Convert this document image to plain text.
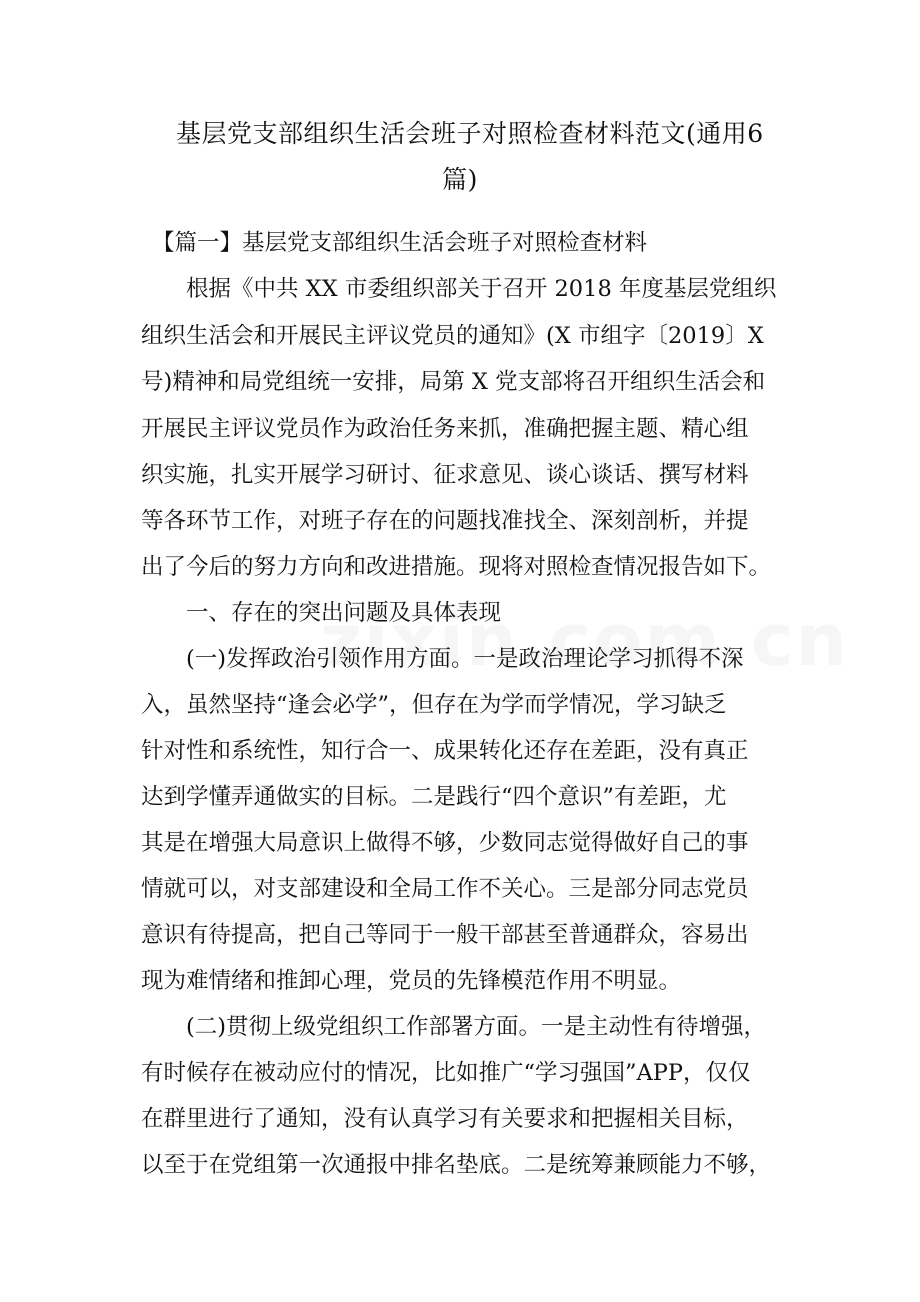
基层党支部组织生活会班子对照检查材料范文(通用6
篇)
【篇一】基层党支部组织生活会班子对照检查材料
根据《中共 XX 市委组织部关于召开 2018 年度基层党组织
组织生活会和开展民主评议党员的通知》(X 市组字〔2019〕X
号)精神和局党组统一安排，局第 X 党支部将召开组织生活会和
开展民主评议党员作为政治任务来抓，准确把握主题、精心组
织实施，扎实开展学习研讨、征求意见、谈心谈话、撰写材料
等各环节工作，对班子存在的问题找准找全、深刻剖析，并提
出了今后的努力方向和改进措施。现将对照检查情况报告如下。
一、存在的突出问题及具体表现
(一)发挥政治引领作用方面。一是政治理论学习抓得不深
入，虽然坚持“逢会必学”，但存在为学而学情况，学习缺乏
针对性和系统性，知行合一、成果转化还存在差距，没有真正
达到学懂弄通做实的目标。二是践行“四个意识”有差距，尤
其是在增强大局意识上做得不够，少数同志觉得做好自己的事
情就可以，对支部建设和全局工作不关心。三是部分同志党员
意识有待提高，把自己等同于一般干部甚至普通群众，容易出
现为难情绪和推卸心理，党员的先锋模范作用不明显。
(二)贯彻上级党组织工作部署方面。一是主动性有待增强，
有时候存在被动应付的情况，比如推广“学习强国”APP，仅仅
在群里进行了通知，没有认真学习有关要求和把握相关目标，
以至于在党组第一次通报中排名垫底。二是统筹兼顾能力不够，
